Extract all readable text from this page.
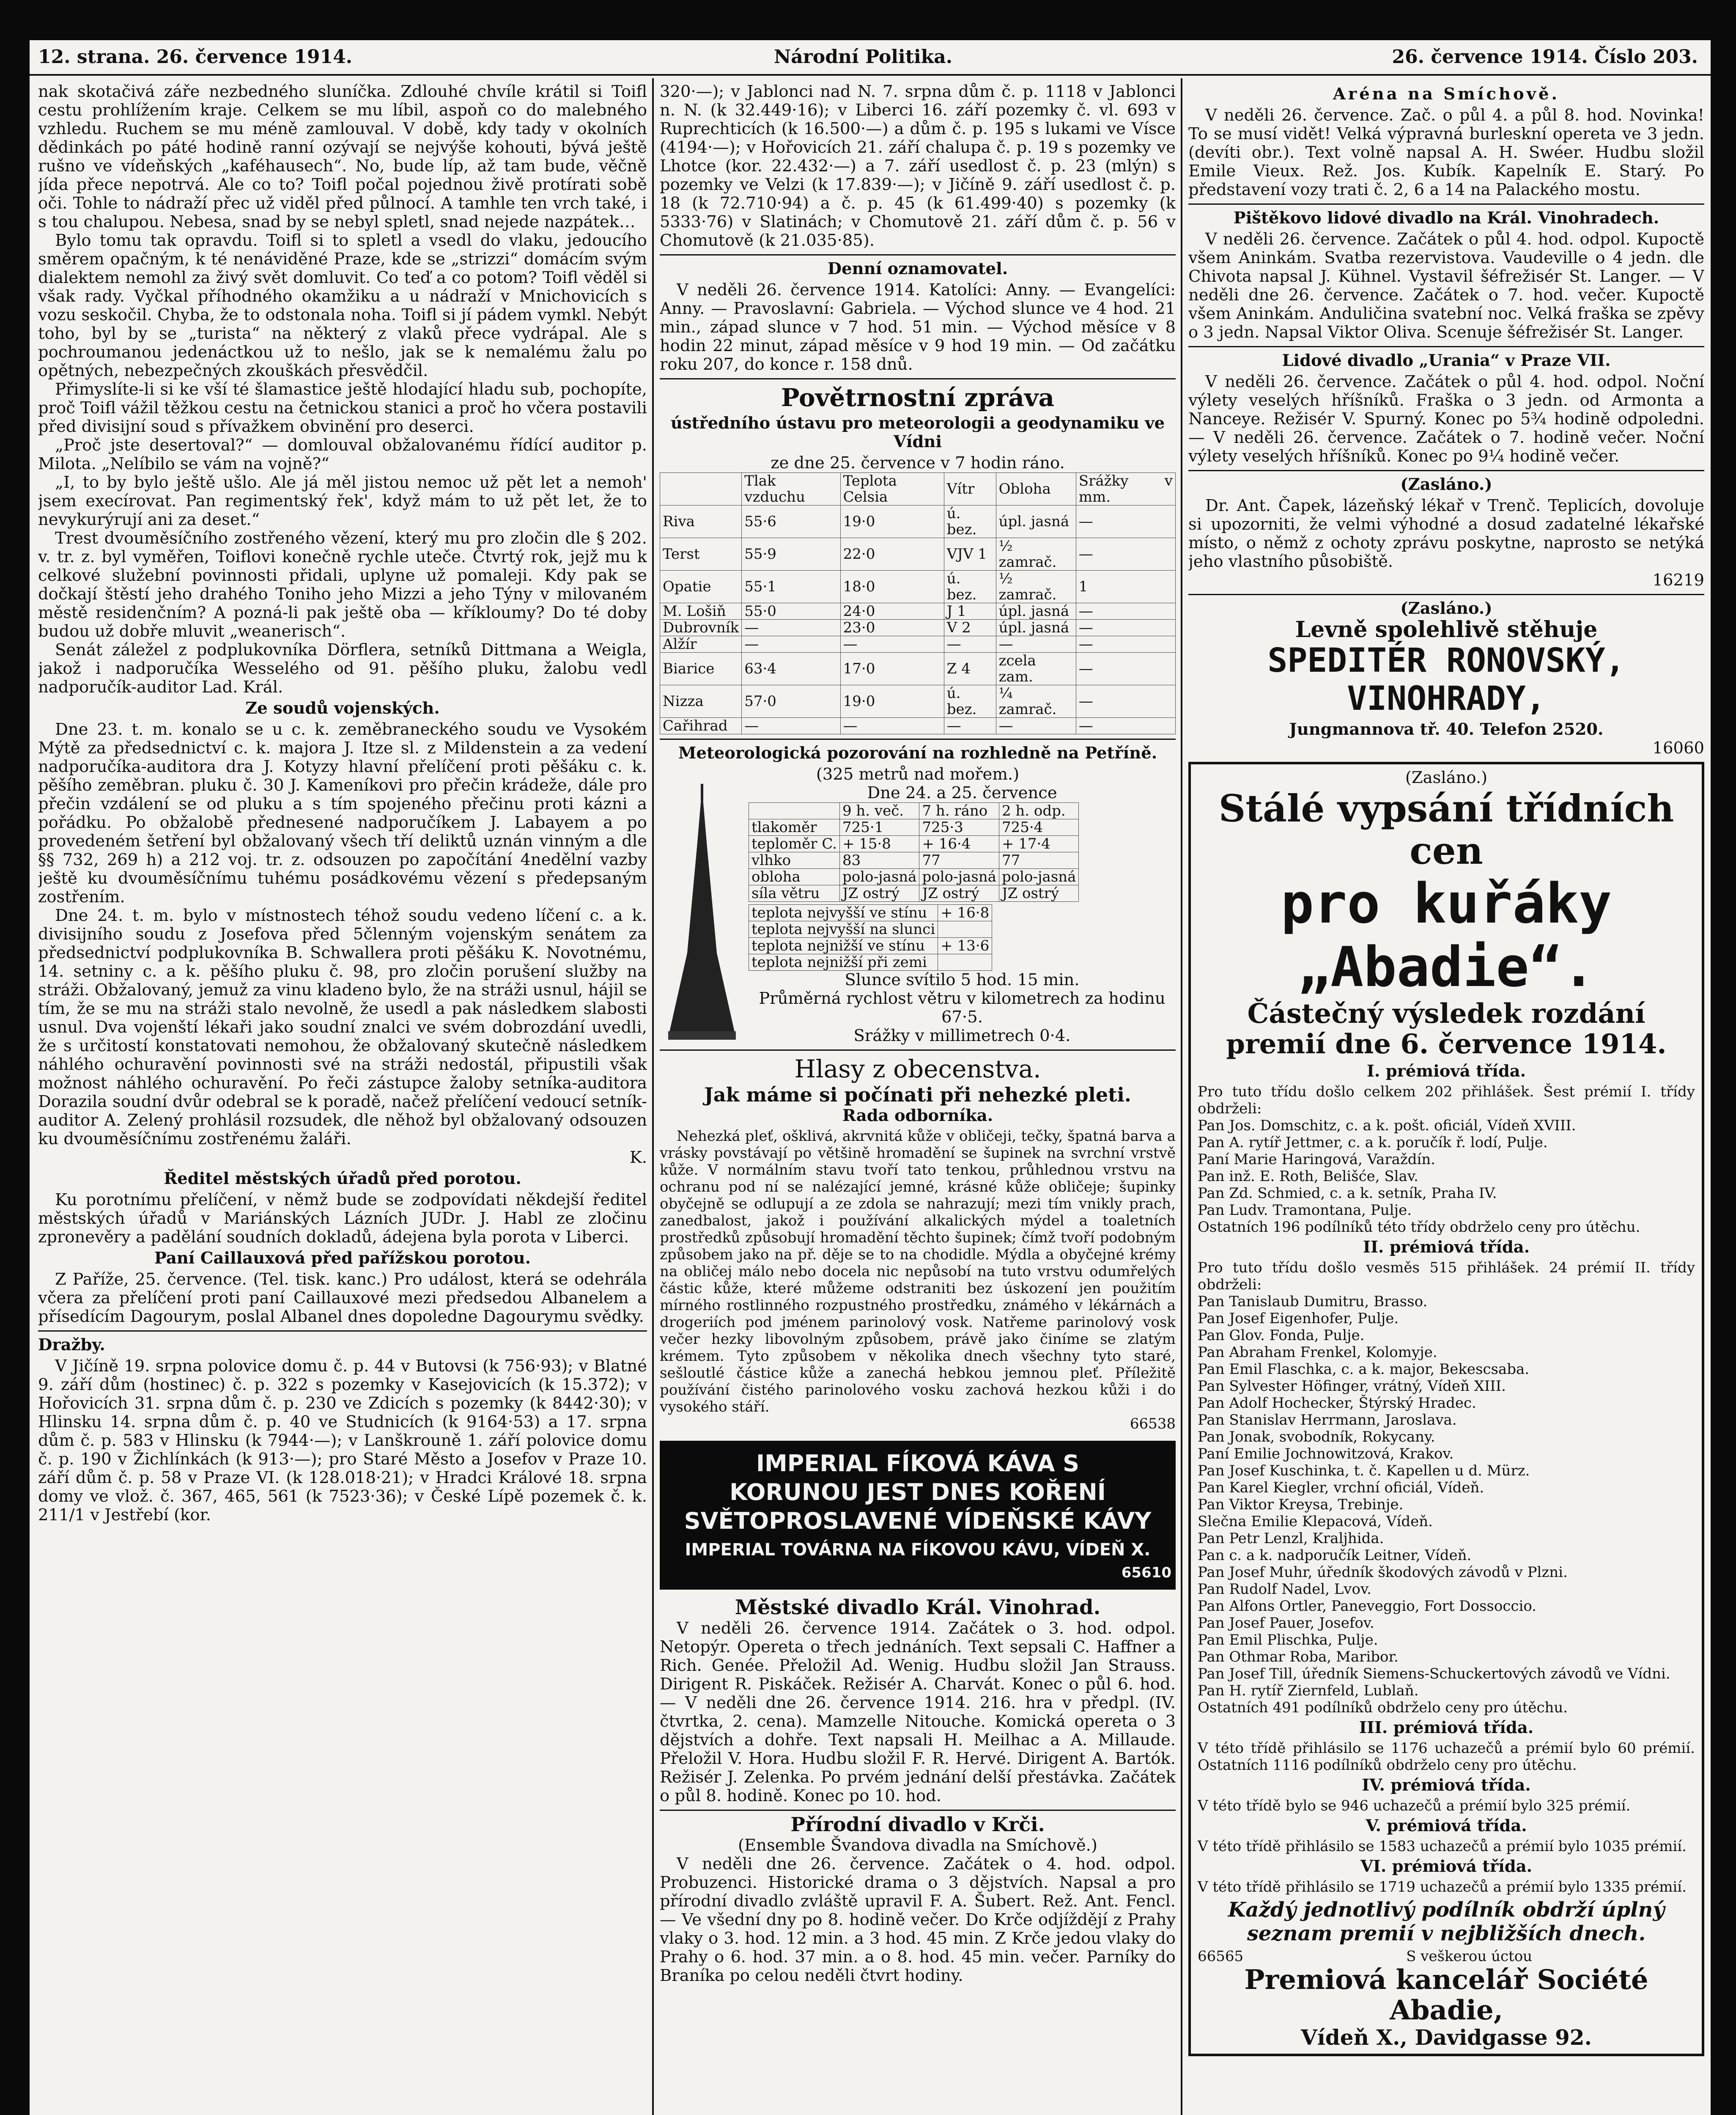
12. strana. 26. července 1914.	Národní Politika.	26. července 1914. Číslo 203.

nak skotačivá záře nezbedného sluníčka. Zdlouhé chvíle krátil si Toifl cestu prohlížením kraje. Celkem se mu líbil, aspoň co do malebného vzhledu. Ruchem se mu méně zamlouval. V době, kdy tady v okolních dědinkách po páté hodině ranní ozývají se nejvýše kohouti, bývá ještě rušno ve vídeňských „kaféhausech“. No, bude líp, až tam bude, věčně jída přece nepotrvá. Ale co to? Toifl počal pojednou živě protírati sobě oči. Tohle to nádraží přec už viděl před půlnocí. A tamhle ten vrch také, i s tou chalupou. Nebesa, snad by se nebyl spletl, snad nejede nazpátek…

Bylo tomu tak opravdu. Toifl si to spletl a vsedl do vlaku, jedoucího směrem opačným, k té nenáviděné Praze, kde se „strizzi“ domácím svým dialektem nemohl za živý svět domluvit. Co teď a co potom? Toifl věděl si však rady. Vyčkal příhodného okamžiku a u nádraží v Mnichovicích s vozu seskočil. Chyba, že to odstonala noha. Toifl si jí pádem vymkl. Nebýt toho, byl by se „turista“ na některý z vlaků přece vydrápal. Ale s pochroumanou jedenáctkou už to nešlo, jak se k nemalému žalu po opětných, nebezpečných zkouškách přesvědčil.

Přimyslíte-li si ke vší té šlamastice ještě hlodající hladu sub, pochopíte, proč Toifl vážil těžkou cestu na četnickou stanici a proč ho včera postavili před divisijní soud s přívažkem obvinění pro deserci.

„Proč jste desertoval?“ — domlouval obžalovanému řídící auditor p. Milota. „Nelíbilo se vám na vojně?“

„I, to by bylo ještě ušlo. Ale já měl jistou nemoc už pět let a nemoh' jsem execírovat. Pan regimentský řek', když mám to už pět let, že to nevykurýrují ani za deset.“

Trest dvouměsíčního zostřeného vězení, který mu pro zločin dle § 202. v. tr. z. byl vyměřen, Toiflovi konečně rychle uteče. Čtvrtý rok, jejž mu k celkové služební povinnosti přidali, uplyne už pomaleji. Kdy pak se dočkají štěstí jeho drahého Toniho jeho Mizzi a jeho Týny v milovaném městě residenčním? A pozná-li pak ještě oba — kříkloumy? Do té doby budou už dobře mluvit „weanerisch“.

Senát záležel z podplukovníka Dörflera, setníků Dittmana a Weigla, jakož i nadporučíka Wesselého od 91. pěšího pluku, žalobu vedl nadporučík-auditor Lad. Král.

Ze soudů vojenských.

Dne 23. t. m. konalo se u c. k. zeměbraneckého soudu ve Vysokém Mýtě za předsednictví c. k. majora J. Itze sl. z Mildenstein a za vedení nadporučíka-auditora dra J. Kotyzy hlavní přelíčení proti pěšáku c. k. pěšího zeměbran. pluku č. 30 J. Kameníkovi pro přečin krádeže, dále pro přečin vzdálení se od pluku a s tím spojeného přečinu proti kázni a pořádku. Po obžalobě přednesené nadporučíkem J. Labayem a po provedeném šetření byl obžalovaný všech tří deliktů uznán vinným a dle §§ 732, 269 h) a 212 voj. tr. z. odsouzen po započítání 4nedělní vazby ještě ku dvouměsíčnímu tuhému posádkovému vězení s předepsaným zostřením.

Dne 24. t. m. bylo v místnostech téhož soudu vedeno líčení c. a k. divisijního soudu z Josefova před 5členným vojenským senátem za předsednictví podplukovníka B. Schwallera proti pěšáku K. Novotnému, 14. setniny c. a k. pěšího pluku č. 98, pro zločin porušení služby na stráži. Obžalovaný, jemuž za vinu kladeno bylo, že na stráži usnul, hájil se tím, že se mu na stráži stalo nevolně, že usedl a pak následkem slabosti usnul. Dva vojenští lékaři jako soudní znalci ve svém dobrozdání uvedli, že s určitostí konstatovati nemohou, že obžalovaný skutečně následkem náhlého ochuravění povinnosti své na stráži nedostál, připustili však možnost náhlého ochuravění. Po řeči zástupce žaloby setníka-auditora Dorazila soudní dvůr odebral se k poradě, načež přelíčení vedoucí setník-auditor A. Zelený prohlásil rozsudek, dle něhož byl obžalovaný odsouzen ku dvouměsíčnímu zostřenému žaláři.

K.
Ředitel městských úřadů před porotou.

Ku porotnímu přelíčení, v němž bude se zodpovídati někdejší ředitel městských úřadů v Mariánských Lázních JUDr. J. Habl ze zločinu zpronevěry a padělání soudních dokladů, ádejena byla porota v Liberci.

Paní Caillauxová před pařížskou porotou.

Z Paříže, 25. července. (Tel. tisk. kanc.) Pro událost, která se odehrála včera za přelíčení proti paní Caillauxové mezi předsedou Albanelem a přísedícím Dagourym, poslal Albanel dnes dopoledne Dagourymu svědky.

Dražby.

V Jičíně 19. srpna polovice domu č. p. 44 v Butovsi (k 756·93); v Blatné 9. září dům (hostinec) č. p. 322 s pozemky v Kasejovicích (k 15.372); v Hořovicích 31. srpna dům č. p. 230 ve Zdicích s pozemky (k 8442·30); v Hlinsku 14. srpna dům č. p. 40 ve Studnicích (k 9164·53) a 17. srpna dům č. p. 583 v Hlinsku (k 7944·—); v Lanškrouně 1. září polovice domu č. p. 190 v Žichlínkách (k 913·—); pro Staré Město a Josefov v Praze 10. září dům č. p. 58 v Praze VI. (k 128.018·21); v Hradci Králové 18. srpna domy ve vlož. č. 367, 465, 561 (k 7523·36); v České Lípě pozemek č. k. 211/1 v Jestřebí (kor.

320·—); v Jablonci nad N. 7. srpna dům č. p. 1118 v Jablonci n. N. (k 32.449·16); v Liberci 16. září pozemky č. vl. 693 v Ruprechticích (k 16.500·—) a dům č. p. 195 s lukami ve Vísce (4194·—); v Hořovicích 21. září chalupa č. p. 19 s pozemky ve Lhotce (kor. 22.432·—) a 7. září usedlost č. p. 23 (mlýn) s pozemky ve Velzi (k 17.839·—); v Jičíně 9. září usedlost č. p. 18 (k 72.710·94) a č. p. 45 (k 61.499·40) s pozemky (k 5333·76) v Slatinách; v Chomutově 21. září dům č. p. 56 v Chomutově (k 21.035·85).

Denní oznamovatel.

V neděli 26. července 1914. Katolíci: Anny. — Evangelíci: Anny. — Pravoslavní: Gabriela. — Východ slunce ve 4 hod. 21 min., západ slunce v 7 hod. 51 min. — Východ měsíce v 8 hodin 22 minut, západ měsíce v 9 hod 19 min. — Od začátku roku 207, do konce r. 158 dnů.

Povětrnostní zpráva
ústředního ústavu pro meteorologii a geodynamiku ve Vídni
ze dne 25. července v 7 hodin ráno.
	Tlak vzduchu	Teplota Celsia	Vítr	Obloha	Srážky v mm.
Riva	55·6	19·0	ú. bez.	úpl. jasná	—
Terst	55·9	22·0	VJV 1	½ zamrač.	—
Opatie	55·1	18·0	ú. bez.	½ zamrač.	1
M. Lošiň	55·0	24·0	J 1	úpl. jasná	—
Dubrovník	—	23·0	V 2	úpl. jasná	—
Alžír	—	—	—	—	—
Biarice	63·4	17·0	Z 4	zcela zam.	—
Nizza	57·0	19·0	ú. bez.	¼ zamrač.	—
Cařihrad	—	—	—	—	—
Meteorologická pozorování na rozhledně na Petříně.
(325 metrů nad mořem.)
Dne 24. a 25. července
	9 h. več.	7 h. ráno	2 h. odp.
tlakoměr	725·1	725·3	725·4
teploměr C.	+ 15·8	+ 16·4	+ 17·4
vlhko	83	77	77
obloha	polo-jasná	polo-jasná	polo-jasná
síla větru	JZ ostrý	JZ ostrý	JZ ostrý
teplota nejvyšší ve stínu	+ 16·8
teplota nejvyšší na slunci	
teplota nejnižší ve stínu	+ 13·6
teplota nejnižší při zemi	
Slunce svítilo 5 hod. 15 min.
Průměrná rychlost větru v kilometrech za hodinu 67·5.
Srážky v millimetrech 0·4.
Hlasy z obecenstva.
Jak máme si počínati při nehezké pleti.
Rada odborníka.

Nehezká pleť, ošklivá, akrvnitá kůže v obličeji, tečky, špatná barva a vrásky povstávají po většině hromadění se šupinek na svrchní vrstvě kůže. V normálním stavu tvoří tato tenkou, průhlednou vrstvu na ochranu pod ní se nalézající jemné, krásné kůže obličeje; šupinky obyčejně se odlupují a ze zdola se nahrazují; mezi tím vnikly prach, zanedbalost, jakož i používání alkalických mýdel a toaletních prostředků způsobují hromadění těchto šupinek; čímž tvoří podobným způsobem jako na př. děje se to na chodidle. Mýdla a obyčejné krémy na obličej málo nebo docela nic nepůsobí na tuto vrstvu odumřelých částic kůže, které můžeme odstraniti bez úskození jen použitím mírného rostlinného rozpustného prostředku, známého v lékárnách a drogeriích pod jménem parinolový vosk. Natřeme parinolový vosk večer hezky libovolným způsobem, právě jako činíme se zlatým krémem. Tyto způsobem v několika dnech všechny tyto staré, sešloutlé částice kůže a zanechá hebkou jemnou pleť. Příležitě používání čistého parinolového vosku zachová hezkou kůži i do vysokého stáří.

66538
IMPERIAL FÍKOVÁ KÁVA S
KORUNOU JEST DNES KOŘENÍ
SVĚTOPROSLAVENÉ VÍDEŇSKÉ KÁVY
IMPERIAL TOVÁRNA NA FÍKOVOU KÁVU, VÍDEŇ X.
65610
Městské divadlo Král. Vinohrad.

V neděli 26. července 1914. Začátek o 3. hod. odpol. Netopýr. Opereta o třech jednáních. Text sepsali C. Haffner a Rich. Genée. Přeložil Ad. Wenig. Hudbu složil Jan Strauss. Dirigent R. Piskáček. Režisér A. Charvát. Konec o půl 6. hod. — V neděli dne 26. července 1914. 216. hra v předpl. (IV. čtvrtka, 2. cena). Mamzelle Nitouche. Komická opereta o 3 dějstvích a dohře. Text napsali H. Meilhac a A. Millaude. Přeložil V. Hora. Hudbu složil F. R. Hervé. Dirigent A. Bartók. Režisér J. Zelenka. Po prvém jednání delší přestávka. Začátek o půl 8. hodině. Konec po 10. hod.

Přírodní divadlo v Krči.
(Ensemble Švandova divadla na Smíchově.)

V neděli dne 26. července. Začátek o 4. hod. odpol. Probuzenci. Historické drama o 3 dějstvích. Napsal a pro přírodní divadlo zvláště upravil F. A. Šubert. Rež. Ant. Fencl. — Ve všední dny po 8. hodině večer. Do Krče odjíždějí z Prahy vlaky o 3. hod. 12 min. a 3 hod. 45 min. Z Krče jedou vlaky do Prahy o 6. hod. 37 min. a o 8. hod. 45 min. večer. Parníky do Braníka po celou neděli čtvrt hodiny.

Aréna na Smíchově.

V neděli 26. července. Zač. o půl 4. a půl 8. hod. Novinka! To se musí vidět! Velká výpravná burleskní opereta ve 3 jedn. (devíti obr.). Text volně napsal A. H. Swéer. Hudbu složil Emile Vieux. Rež. Jos. Kubík. Kapelník E. Starý. Po představení vozy trati č. 2, 6 a 14 na Palackého mostu.

Pištěkovo lidové divadlo na Král. Vinohradech.

V neděli 26. července. Začátek o půl 4. hod. odpol. Kupoctě všem Aninkám. Svatba rezervistova. Vaudeville o 4 jedn. dle Chivota napsal J. Kühnel. Vystavil šéfrežisér St. Langer. — V neděli dne 26. července. Začátek o 7. hod. večer. Kupoctě všem Aninkám. Anduličina svatební noc. Velká fraška se zpěvy o 3 jedn. Napsal Viktor Oliva. Scenuje šéfrežisér St. Langer.

Lidové divadlo „Urania“ v Praze VII.

V neděli 26. července. Začátek o půl 4. hod. odpol. Noční výlety veselých hříšníků. Fraška o 3 jedn. od Armonta a Nanceye. Režisér V. Spurný. Konec po 5¾ hodině odpoledni. — V neděli 26. července. Začátek o 7. hodině večer. Noční výlety veselých hříšníků. Konec po 9¼ hodině večer.

(Zasláno.)

Dr. Ant. Čapek, lázeňský lékař v Trenč. Teplicích, dovoluje si upozorniti, že velmi výhodné a dosud zadatelné lékařské místo, o němž z ochoty zprávu poskytne, naprosto se netýká jeho vlastního působiště.

16219
(Zasláno.)
Levně spolehlivě stěhuje
SPEDITÉR RONOVSKÝ, VINOHRADY,
Jungmannova tř. 40. Telefon 2520.
16060
(Zasláno.)
Stálé vypsání třídních cen
pro kuřáky „Abadie“.
Částečný výsledek rozdání
premií dne 6. července 1914.
I. prémiová třída.
Pro tuto třídu došlo celkem 202 přihlášek. Šest prémií I. třídy obdrželi:
Pan Jos. Domschitz, c. a k. pošt. oficiál, Vídeň XVIII.
Pan A. rytíř Jettmer, c. a k. poručík ř. lodí, Pulje.
Paní Marie Haringová, Varaždín.
Pan inž. E. Roth, Belišće, Slav.
Pan Zd. Schmied, c. a k. setník, Praha IV.
Pan Ludv. Tramontana, Pulje.
Ostatních 196 podílníků této třídy obdrželo ceny pro útěchu.
II. prémiová třída.
Pro tuto třídu došlo vesměs 515 přihlášek. 24 prémií II. třídy obdrželi:
Pan Tanislaub Dumitru, Brasso.
Pan Josef Eigenhofer, Pulje.
Pan Glov. Fonda, Pulje.
Pan Abraham Frenkel, Kolomyje.
Pan Emil Flaschka, c. a k. major, Bekescsaba.
Pan Sylvester Höfinger, vrátný, Vídeň XIII.
Pan Adolf Hochecker, Štýrský Hradec.
Pan Stanislav Herrmann, Jaroslava.
Pan Jonak, svobodník, Rokycany.
Paní Emilie Jochnowitzová, Krakov.
Pan Josef Kuschinka, t. č. Kapellen u d. Mürz.
Pan Karel Kiegler, vrchní oficiál, Vídeň.
Pan Viktor Kreysa, Trebinje.
Slečna Emilie Klepacová, Vídeň.
Pan Petr Lenzl, Kraljhida.
Pan c. a k. nadporučík Leitner, Vídeň.
Pan Josef Muhr, úředník škodových závodů v Plzni.
Pan Rudolf Nadel, Lvov.
Pan Alfons Ortler, Paneveggio, Fort Dossoccio.
Pan Josef Pauer, Josefov.
Pan Emil Plischka, Pulje.
Pan Othmar Roba, Maribor.
Pan Josef Till, úředník Siemens-Schuckertových závodů ve Vídni.
Pan H. rytíř Ziernfeld, Lublaň.
Ostatních 491 podílníků obdrželo ceny pro útěchu.
III. prémiová třída.
V této třídě přihlásilo se 1176 uchazečů a prémií bylo 60 prémií. Ostatních 1116 podílníků obdrželo ceny pro útěchu.
IV. prémiová třída.
V této třídě bylo se 946 uchazečů a prémií bylo 325 prémií.
V. prémiová třída.
V této třídě přihlásilo se 1583 uchazečů a prémií bylo 1035 prémií.
VI. prémiová třída.
V této třídě přihlásilo se 1719 uchazečů a prémií bylo 1335 prémií.
Každý jednotlivý podílník obdrží úplný seznam premií v nejbližších dnech.
66565	S veškerou úctou
Premiová kancelář Société Abadie,
Vídeň X., Davidgasse 92.
